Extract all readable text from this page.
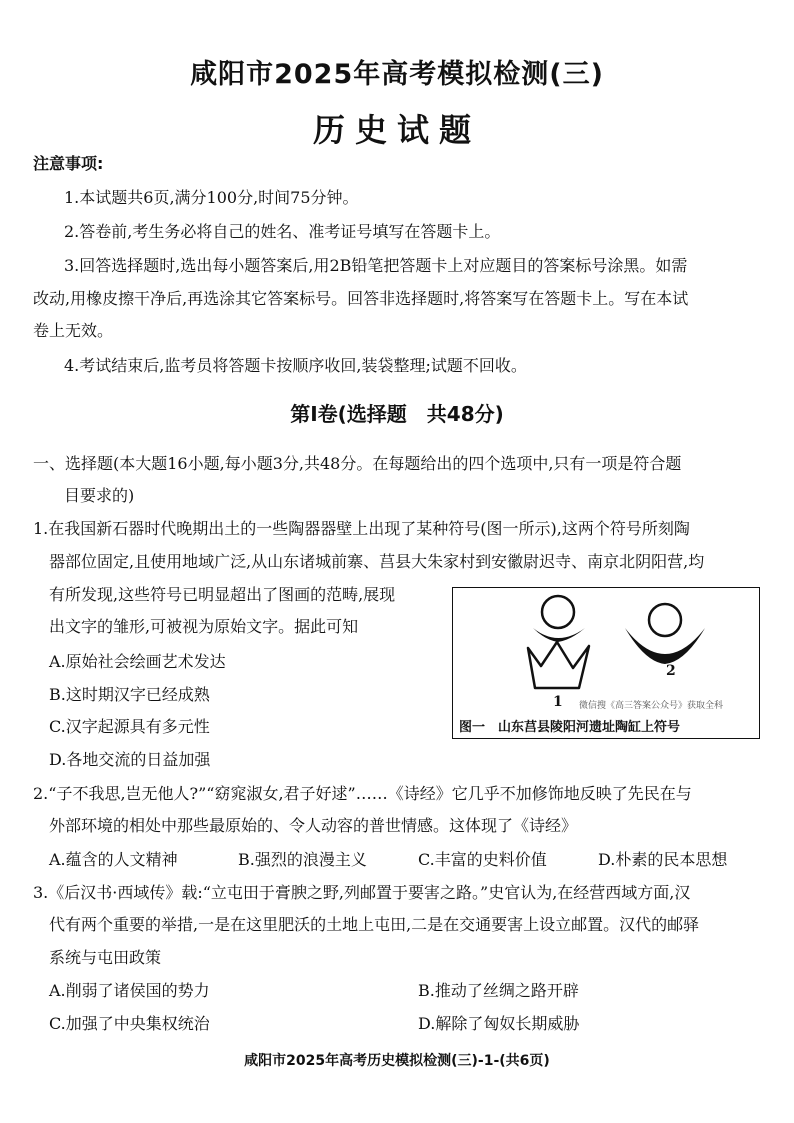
咸阳市2025年高考模拟检测(三)
历史试题
注意事项:
1.本试题共6页,满分100分,时间75分钟。
2.答卷前,考生务必将自己的姓名、准考证号填写在答题卡上。
3.回答选择题时,选出每小题答案后,用2B铅笔把答题卡上对应题目的答案标号涂黑。如需
改动,用橡皮擦干净后,再选涂其它答案标号。回答非选择题时,将答案写在答题卡上。写在本试
卷上无效。
4.考试结束后,监考员将答题卡按顺序收回,装袋整理;试题不回收。
第Ⅰ卷(选择题　共48分)
一、选择题(本大题16小题,每小题3分,共48分。在每题给出的四个选项中,只有一项是符合题
目要求的)
1.在我国新石器时代晚期出土的一些陶器器壁上出现了某种符号(图一所示),这两个符号所刻陶
器部位固定,且使用地域广泛,从山东诸城前寨、莒县大朱家村到安徽尉迟寺、南京北阴阳营,均
有所发现,这些符号已明显超出了图画的范畴,展现
出文字的雏形,可被视为原始文字。据此可知
A.原始社会绘画艺术发达
B.这时期汉字已经成熟
C.汉字起源具有多元性
D.各地交流的日益加强
1
2
微信搜《高三答案公众号》获取全科
图一　山东莒县陵阳河遗址陶缸上符号
2.“子不我思,岂无他人?”“窈窕淑女,君子好逑”……《诗经》它几乎不加修饰地反映了先民在与
外部环境的相处中那些最原始的、令人动容的普世情感。这体现了《诗经》
A.蕴含的人文精神	B.强烈的浪漫主义	C.丰富的史料价值	D.朴素的民本思想
3.《后汉书·西域传》载:“立屯田于膏腴之野,列邮置于要害之路。”史官认为,在经营西域方面,汉
代有两个重要的举措,一是在这里肥沃的土地上屯田,二是在交通要害上设立邮置。汉代的邮驿
系统与屯田政策
A.削弱了诸侯国的势力	B.推动了丝绸之路开辟
C.加强了中央集权统治	D.解除了匈奴长期威胁
咸阳市2025年高考历史模拟检测(三)-1-(共6页)
